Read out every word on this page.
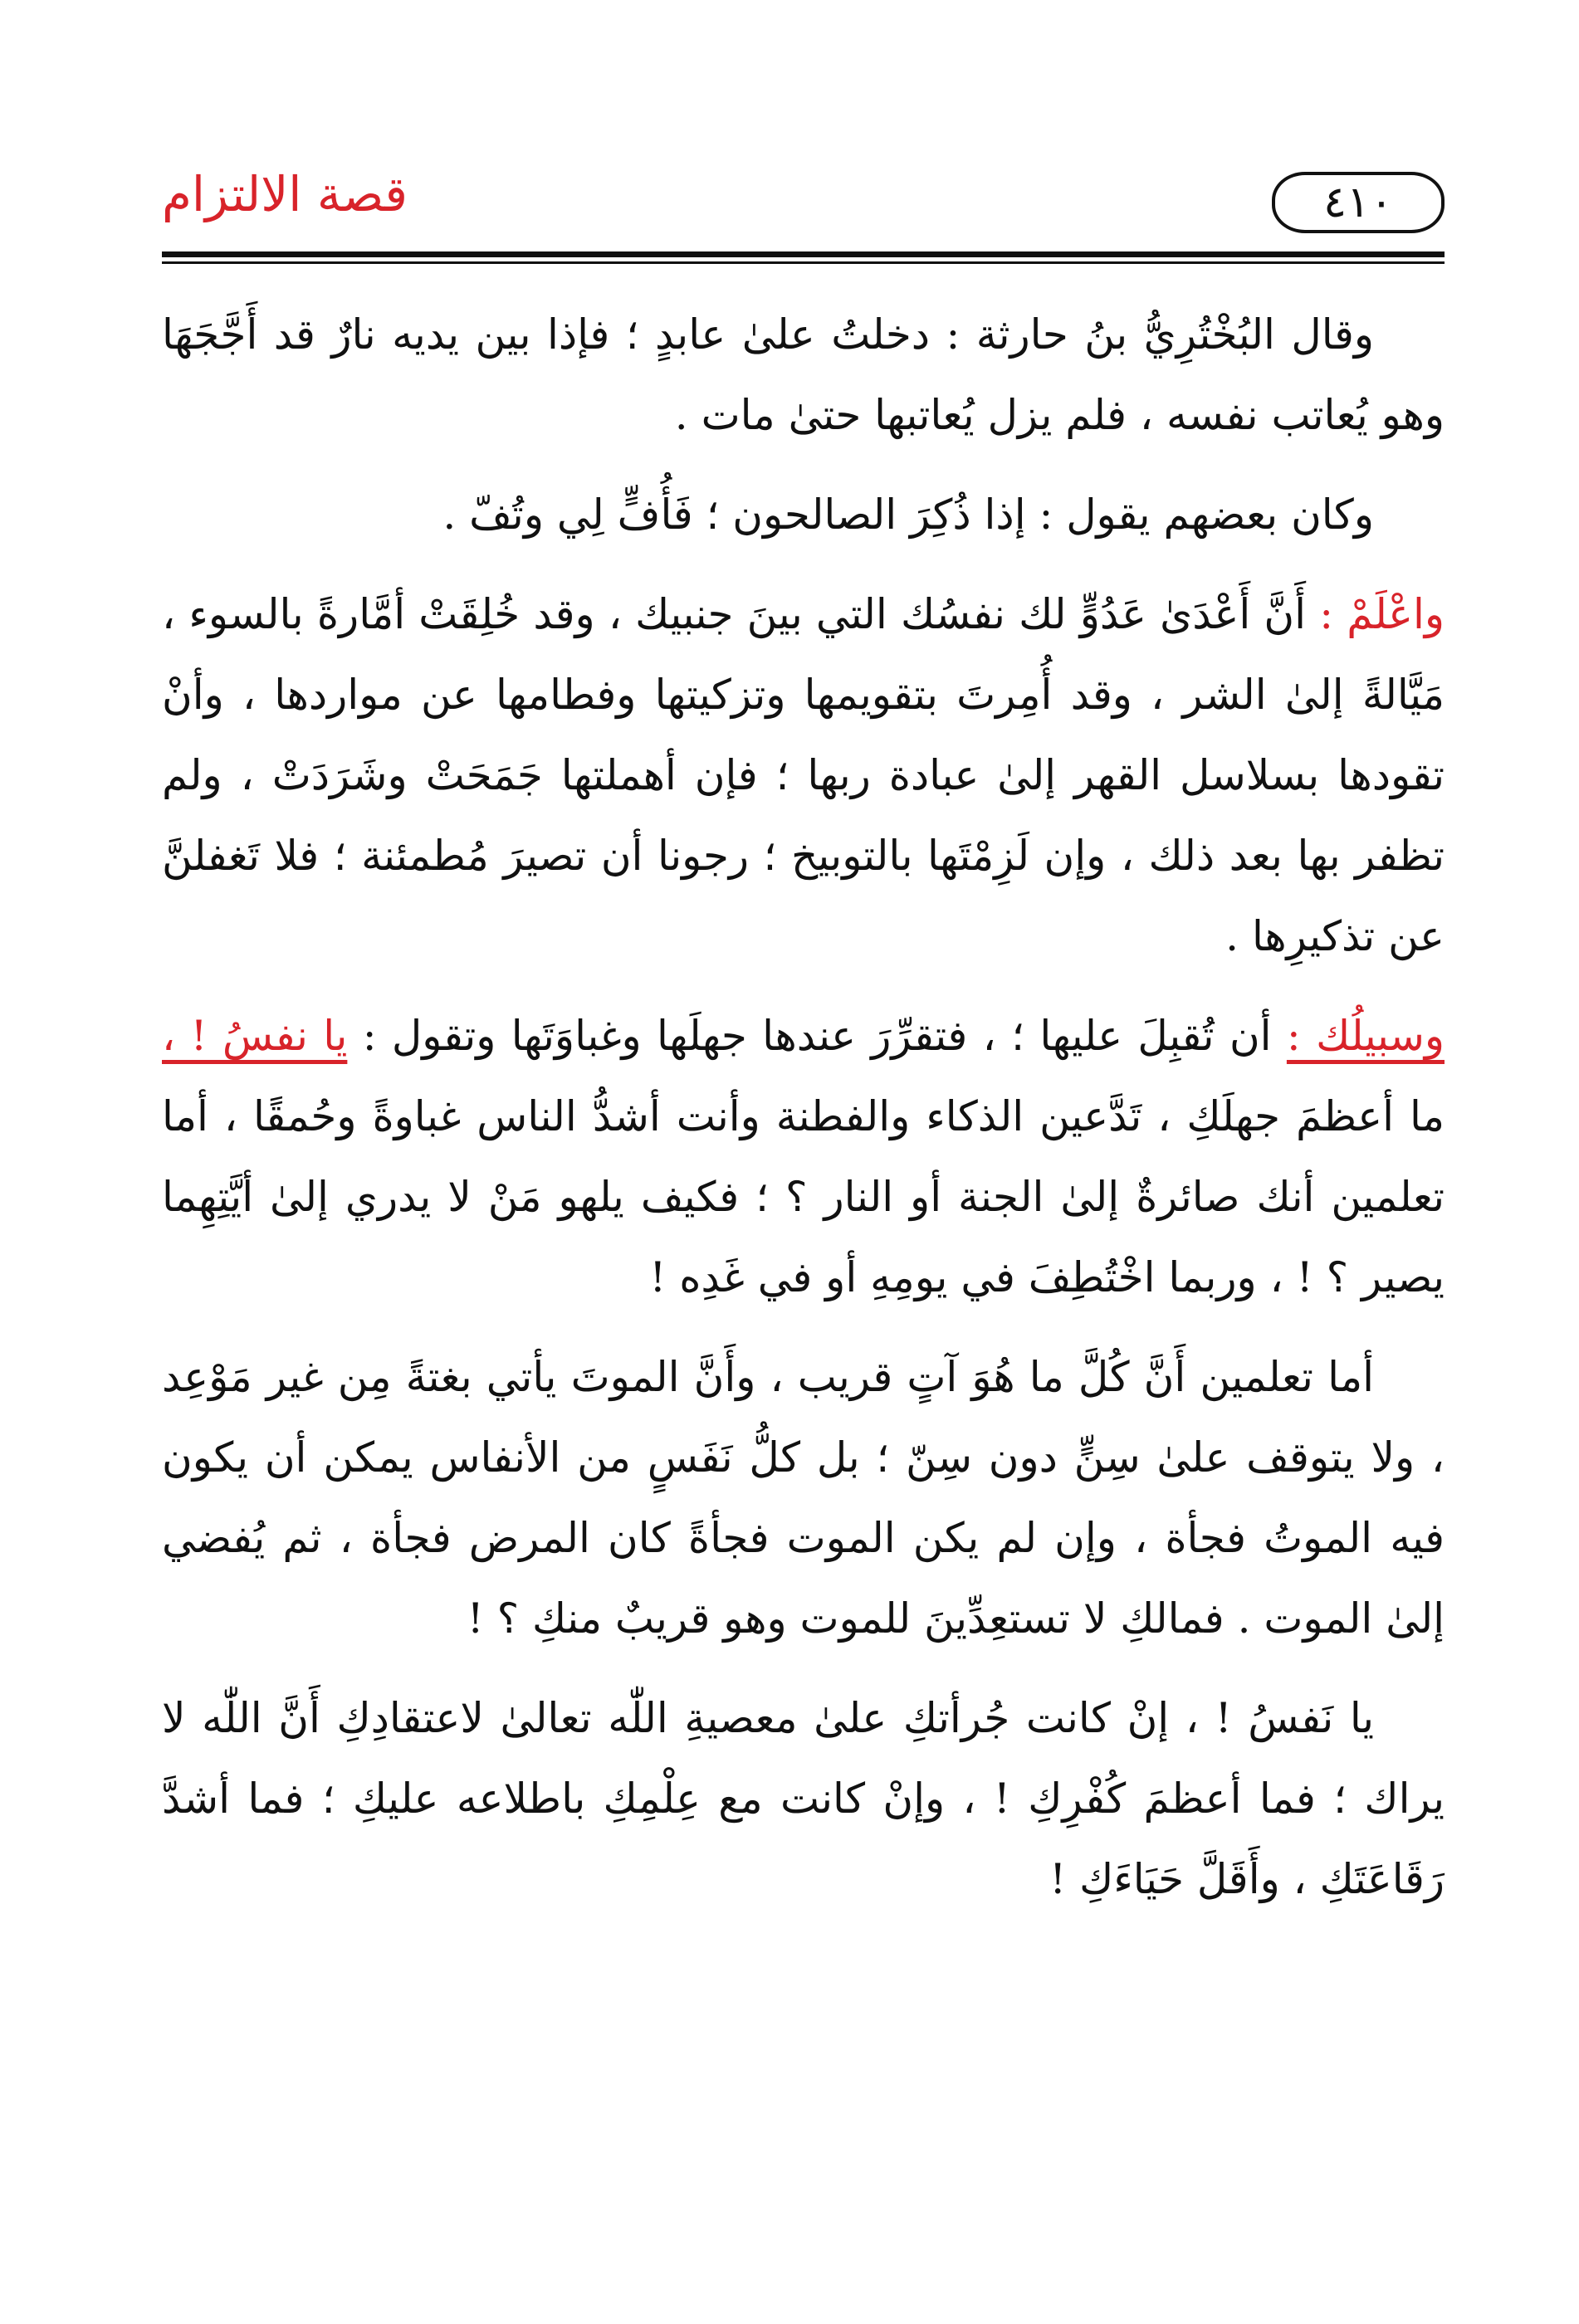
قصة الالتزام	٤١٠

وقال البُخْتُرِيُّ بنُ حارثة : دخلتُ علىٰ عابدٍ ؛ فإذا بين يديه نارٌ قد أَجَّجَهَا وهو يُعاتب نفسه ، فلم يزل يُعاتبها حتىٰ مات .

وكان بعضهم يقول : إذا ذُكِرَ الصالحون ؛ فَأُفٍّ لِي وتُفّ .

واعْلَمْ : أَنَّ أَعْدَىٰ عَدُوٍّ لك نفسُك التي بينَ جنبيك ، وقد خُلِقَتْ أمَّارةً بالسوء ، مَيَّالةً إلىٰ الشر ، وقد أُمِرتَ بتقويمها وتزكيتها وفطامها عن مواردها ، وأنْ تقودها بسلاسل القهر إلىٰ عبادة ربها ؛ فإن أهملتها جَمَحَتْ وشَرَدَتْ ، ولم تظفر بها بعد ذلك ، وإن لَزِمْتَها بالتوبيخ ؛ رجونا أن تصيرَ مُطمئنة ؛ فلا تَغفلنَّ عن تذكيرِها .

وسبيلُك : أن تُقبِلَ عليها ؛ ، فتقرِّرَ عندها جهلَها وغباوَتَها وتقول : يا نفسُ ! ، ما أعظمَ جهلَكِ ، تَدَّعين الذكاء والفطنة وأنت أشدُّ الناس غباوةً وحُمقًا ، أما تعلمين أنك صائرةٌ إلىٰ الجنة أو النار ؟ ؛ فكيف يلهو مَنْ لا يدري إلىٰ أيَّتِهِما يصير ؟ ! ، وربما اخْتُطِفَ في يومِهِ أو في غَدِه !

أما تعلمين أَنَّ كُلَّ ما هُوَ آتٍ قريب ، وأَنَّ الموتَ يأتي بغتةً مِن غير مَوْعِد ، ولا يتوقف علىٰ سِنٍّ دون سِنّ ؛ بل كلُّ نَفَسٍ من الأنفاس يمكن أن يكون فيه الموتُ فجأة ، وإن لم يكن الموت فجأةً كان المرض فجأة ، ثم يُفضي إلىٰ الموت . فمالكِ لا تستعِدِّينَ للموت وهو قريبٌ منكِ ؟ !

يا نَفسُ ! ، إنْ كانت جُرأتكِ علىٰ معصيةِ اللّٰه تعالىٰ لاعتقادِكِ أَنَّ اللّٰه لا يراك ؛ فما أعظمَ كُفْرِكِ ! ، وإنْ كانت مع عِلْمِكِ باطلاعه عليكِ ؛ فما أشدَّ رَقَاعَتَكِ ، وأَقَلَّ حَيَاءَكِ !
